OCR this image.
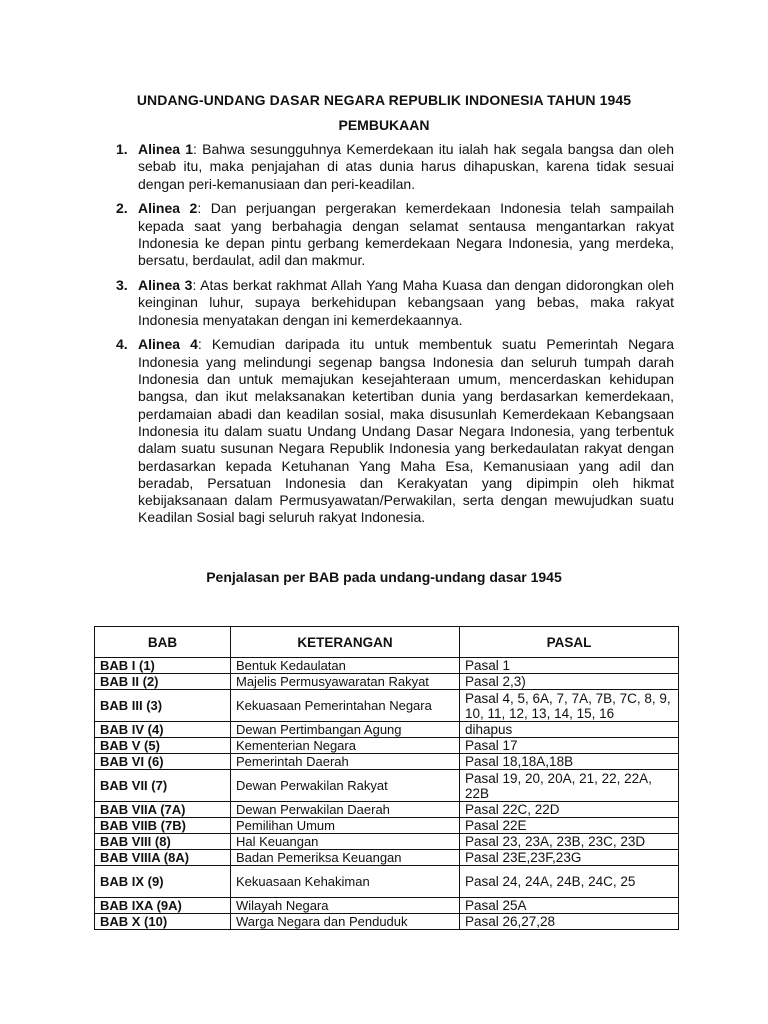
UNDANG-UNDANG DASAR NEGARA REPUBLIK INDONESIA TAHUN 1945
PEMBUKAAN
1. Alinea 1: Bahwa sesungguhnya Kemerdekaan itu ialah hak segala bangsa dan oleh sebab itu, maka penjajahan di atas dunia harus dihapuskan, karena tidak sesuai dengan peri-kemanusiaan dan peri-keadilan.
2. Alinea 2: Dan perjuangan pergerakan kemerdekaan Indonesia telah sampailah kepada saat yang berbahagia dengan selamat sentausa mengantarkan rakyat Indonesia ke depan pintu gerbang kemerdekaan Negara Indonesia, yang merdeka, bersatu, berdaulat, adil dan makmur.
3. Alinea 3: Atas berkat rakhmat Allah Yang Maha Kuasa dan dengan didorongkan oleh keinginan luhur, supaya berkehidupan kebangsaan yang bebas, maka rakyat Indonesia menyatakan dengan ini kemerdekaannya.
4. Alinea 4: Kemudian daripada itu untuk membentuk suatu Pemerintah Negara Indonesia yang melindungi segenap bangsa Indonesia dan seluruh tumpah darah Indonesia dan untuk memajukan kesejahteraan umum, mencerdaskan kehidupan bangsa, dan ikut melaksanakan ketertiban dunia yang berdasarkan kemerdekaan, perdamaian abadi dan keadilan sosial, maka disusunlah Kemerdekaan Kebangsaan Indonesia itu dalam suatu Undang Undang Dasar Negara Indonesia, yang terbentuk dalam suatu susunan Negara Republik Indonesia yang berkedaulatan rakyat dengan berdasarkan kepada Ketuhanan Yang Maha Esa, Kemanusiaan yang adil dan beradab, Persatuan Indonesia dan Kerakyatan yang dipimpin oleh hikmat kebijaksanaan dalam Permusyawatan/Perwakilan, serta dengan mewujudkan suatu Keadilan Sosial bagi seluruh rakyat Indonesia.
Penjalasan per BAB pada undang-undang dasar 1945
BAB	KETERANGAN	PASAL
BAB I (1)	Bentuk Kedaulatan	Pasal 1
BAB II (2)	Majelis Permusyawaratan Rakyat	Pasal 2,3)
BAB III (3)	Kekuasaan Pemerintahan Negara	Pasal 4, 5, 6A, 7, 7A, 7B, 7C, 8, 9, 10, 11, 12, 13, 14, 15, 16
BAB IV (4)	Dewan Pertimbangan Agung	dihapus
BAB V (5)	Kementerian Negara	Pasal 17
BAB VI (6)	Pemerintah Daerah	Pasal 18,18A,18B
BAB VII (7)	Dewan Perwakilan Rakyat	Pasal 19, 20, 20A, 21, 22, 22A, 22B
BAB VIIA (7A)	Dewan Perwakilan Daerah	Pasal 22C, 22D
BAB VIIB (7B)	Pemilihan Umum	Pasal 22E
BAB VIII (8)	Hal Keuangan	Pasal 23, 23A, 23B, 23C, 23D
BAB VIIIA (8A)	Badan Pemeriksa Keuangan	Pasal 23E,23F,23G
BAB IX (9)	Kekuasaan Kehakiman	Pasal 24, 24A, 24B, 24C, 25
BAB IXA (9A)	Wilayah Negara	Pasal 25A
BAB X (10)	Warga Negara dan Penduduk	Pasal 26,27,28
